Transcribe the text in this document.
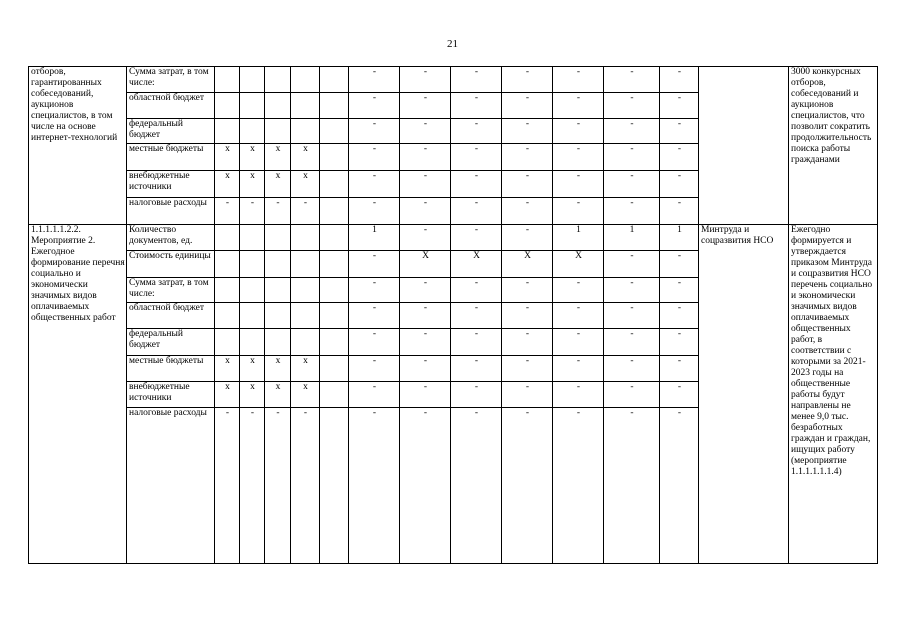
21
отборов, гарантированных собеседований, аукционов специалистов, в том числе на основе интернет-технологий	Сумма затрат, в том числе:						-	-	-	-	-	-	-		3000 конкурсных отборов, собеседований и аукционов специалистов, что позволит сократить продолжительность поиска работы гражданами
	областной бюджет						-	-	-	-	-	-	-		
	федеральный бюджет						-	-	-	-	-	-	-		
	местные бюджеты	х	х	х	х		-	-	-	-	-	-	-		
	внебюджетные источники	х	х	х	х		-	-	-	-	-	-	-		
	налоговые расходы	-	-	-	-		-	-	-	-	-	-	-		
1.1.1.1.1.2.2. Мероприятие 2. Ежегодное формирование перечня социально и экономически значимых видов оплачиваемых общественных работ	Количество документов, ед.						1	-	-	-	1	1	1	Минтруда и соцразвития НСО	Ежегодно формируется и утверждается приказом Минтруда и соцразвития НСО перечень социально и экономически значимых видов оплачиваемых общественных работ, в соответствии с которыми за 2021-2023 годы на общественные работы будут направлены не менее 9,0 тыс. безработных граждан и граждан, ищущих работу (мероприятие 1.1.1.1.1.1.4)
	Стоимость единицы						-	Х	Х	Х	Х	-	-		
	Сумма затрат, в том числе:						-	-	-	-	-	-	-		
	областной бюджет						-	-	-	-	-	-	-		
	федеральный бюджет						-	-	-	-	-	-	-		
	местные бюджеты	х	х	х	х		-	-	-	-	-	-	-		
	внебюджетные источники	х	х	х	х		-	-	-	-	-	-	-		
	налоговые расходы	-	-	-	-		-	-	-	-	-	-	-		
